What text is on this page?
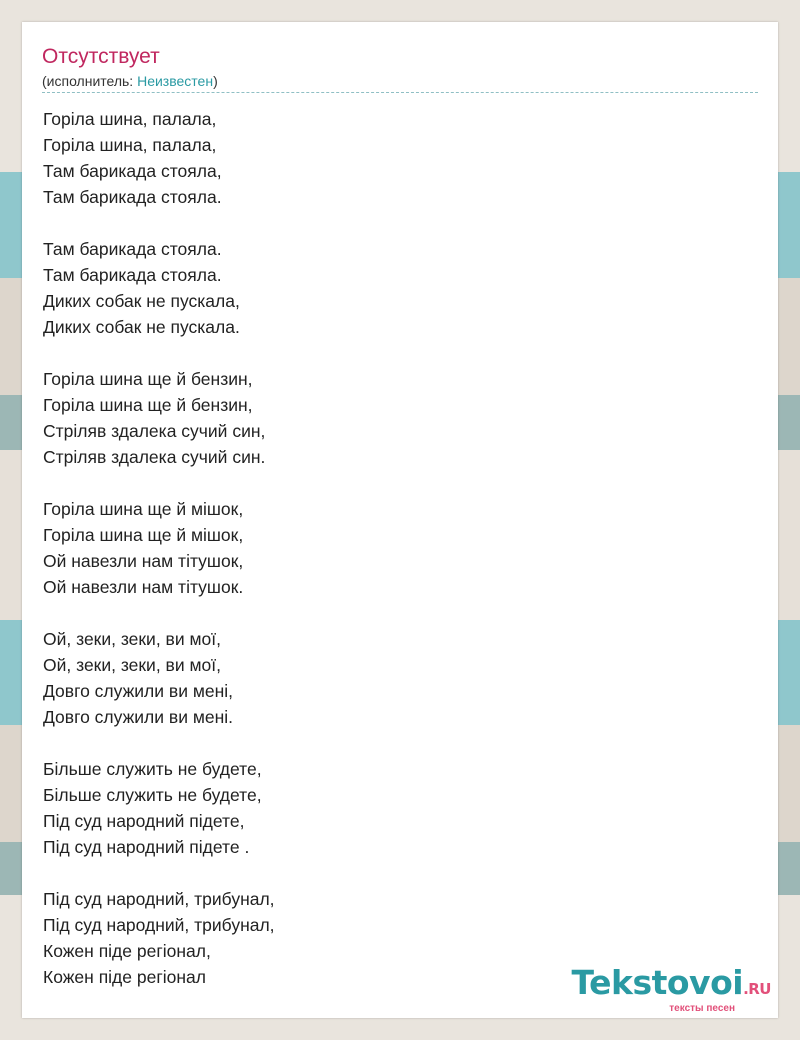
Отсутствует
(исполнитель: Неизвестен)
Горіла шина, палала,
Горіла шина, палала,
Там барикада стояла,
Там барикада стояла.
Там барикада стояла.
Там барикада стояла.
Диких собак не пускала,
Диких собак не пускала.
Горіла шина ще й бензин,
Горіла шина ще й бензин,
Стріляв здалека сучий син,
Стріляв здалека сучий син.
Горіла шина ще й мішок,
Горіла шина ще й мішок,
Ой навезли нам тітушок,
Ой навезли нам тітушок.
Ой, зеки, зеки, ви мої,
Ой, зеки, зеки, ви мої,
Довго служили ви мені,
Довго служили ви мені.
Більше служить не будете,
Більше служить не будете,
Під суд народний підете,
Під суд народний підете .
Під суд народний, трибунал,
Під суд народний, трибунал,
Кожен піде регіонал,
Кожен піде регіонал	Tekstovoi.RU
тексты песен
